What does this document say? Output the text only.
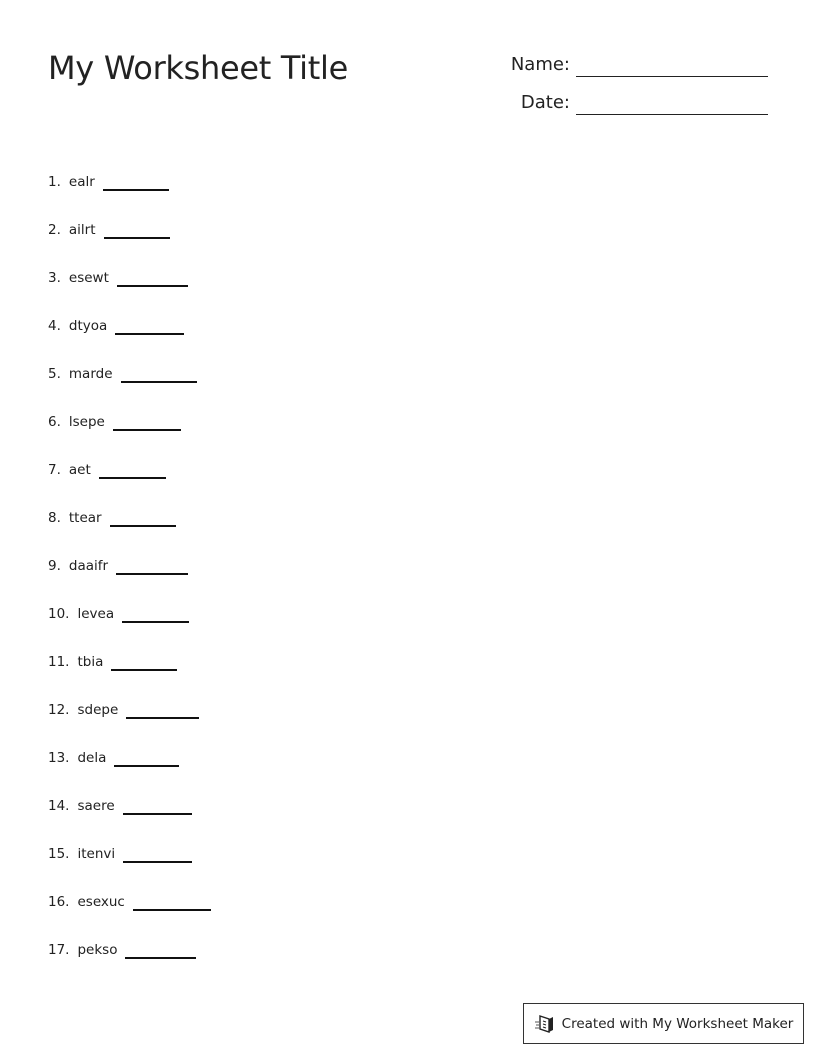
My Worksheet Title	Name:
Date:
1. ealr
2. ailrt
3. esewt
4. dtyoa
5. marde
6. lsepe
7. aet
8. ttear
9. daaifr
10. levea
11. tbia
12. sdepe
13. dela
14. saere
15. itenvi
16. esexuc
17. pekso
Created with My Worksheet Maker
